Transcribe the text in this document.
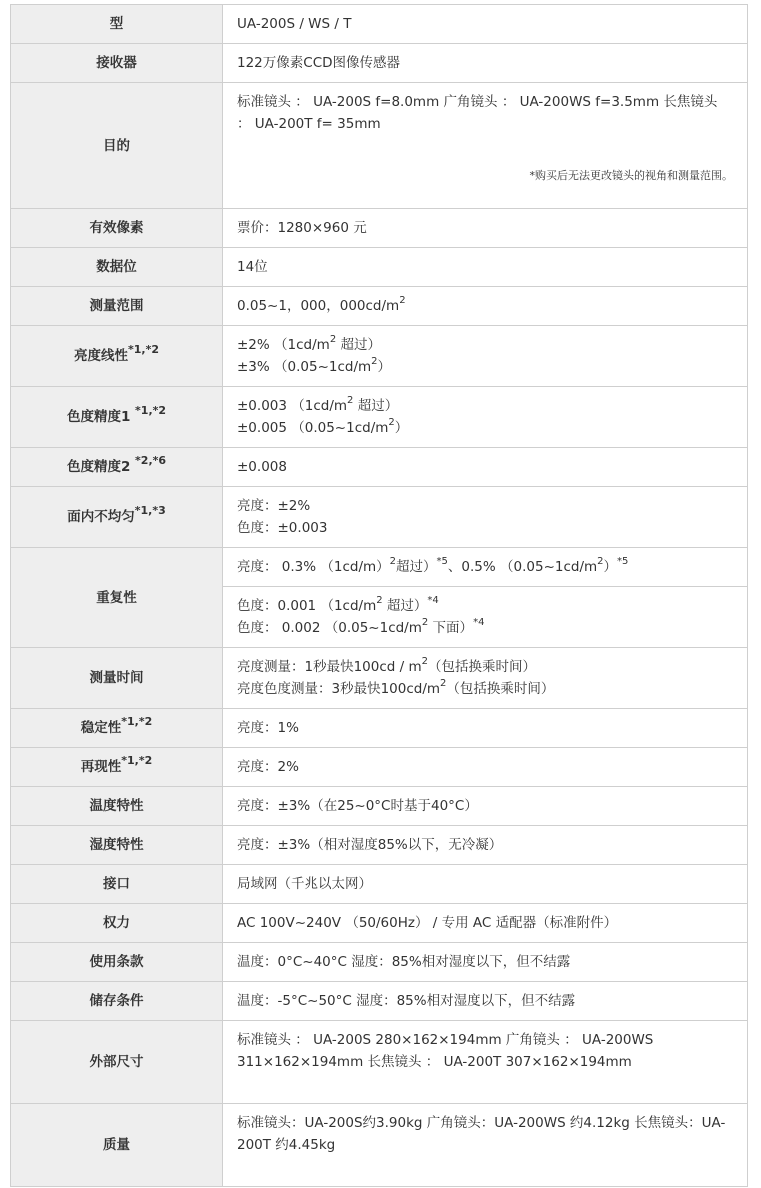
型	UA-200S / WS / T
接收器	122万像素CCD图像传感器
目的	标准镜头 ： UA-200S f=8.0mm 广角镜头 ： UA-200WS f=3.5mm 长焦镜头 ： UA-200T f= 35mm
*购买后无法更改镜头的视角和测量范围。

有效像素	票价：1280×960 元
数据位	14位
测量范围	0.05~1，000，$000cd/m^2$
亮度线性$^{*1,*2}$	±2% （$1cd/m^2$ 超过）
±3% $(0.05\sim 1cd/m^2)$

色度精度1 $^{*1,*2}$	±0.003 （$1cd/m^2$ 超过）
±0.005 $(0.05\sim 1cd/m^2)$

色度精度2 $^{*2,*6}$	±0.008
面内不均匀$^{*1,*3}$	亮度：±2%
色度：±0.003

重复性	亮度： 0.3% $(1cd/m)^2$超过）$^{*5}$、0.5% $(0.05\sim 1cd/m^2)^{*5}$

	色度：0.001 （$1cd/m^2$ 超过）$^{*4}$
色度： 0.002 （$0.05\sim 1cd/m^2$ 下面）$^{*4}$

测量时间	亮度测量：1秒最快$100cd / m^2$（包括换乘时间）
亮度色度测量：3秒最快$100cd/m^2$（包括换乘时间）

稳定性$^{*1,*2}$	亮度：1%
再现性$^{*1,*2}$	亮度：2%
温度特性	亮度：±3%（在25~0°C时基于40°C）
湿度特性	亮度：±3%（相对湿度85%以下，无冷凝）
接口	局域网（千兆以太网）
权力	AC 100V~240V （50/60Hz） / 专用 AC 适配器（标准附件）
使用条款	温度：0°C~40°C 湿度：85%相对湿度以下，但不结露
储存条件	温度：-5°C~50°C 湿度：85%相对湿度以下，但不结露
外部尺寸	标准镜头 ： UA-200S 280×162×194mm 广角镜头 ： UA-200WS 311×162×194mm 长焦镜头 ： UA-200T 307×162×194mm
质量	标准镜头：UA-200S约3.90kg 广角镜头：UA-200WS 约4.12kg 长焦镜头：UA-200T 约4.45kg
